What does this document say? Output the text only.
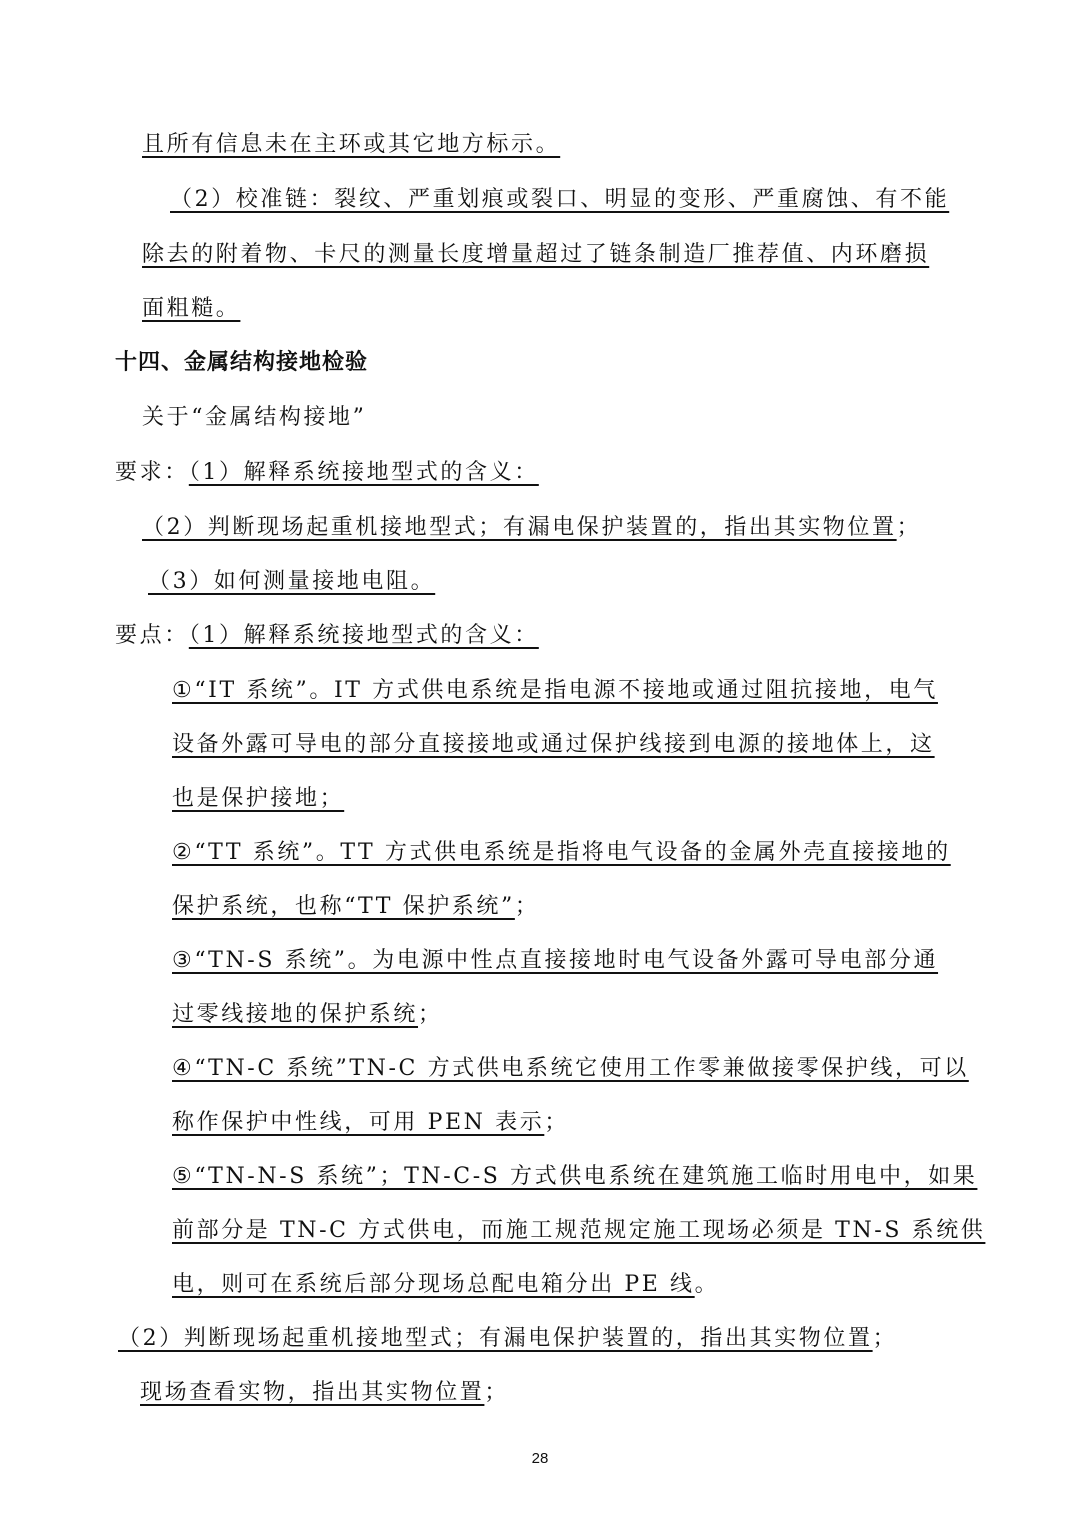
且所有信息未在主环或其它地方标示。
（2）校准链：裂纹、严重划痕或裂口、明显的变形、严重腐蚀、有不能
除去的附着物、卡尺的测量长度增量超过了链条制造厂推荐值、内环磨损
面粗糙。
十四、金属结构接地检验
关于“金属结构接地”
要求：（1）解释系统接地型式的含义：
（2）判断现场起重机接地型式；有漏电保护装置的，指出其实物位置；
（3）如何测量接地电阻。
要点：（1）解释系统接地型式的含义：
①“IT 系统”。IT 方式供电系统是指电源不接地或通过阻抗接地，电气
设备外露可导电的部分直接接地或通过保护线接到电源的接地体上，这
也是保护接地；
②“TT 系统”。TT 方式供电系统是指将电气设备的金属外壳直接接地的
保护系统，也称“TT 保护系统”；
③“TN-S 系统”。为电源中性点直接接地时电气设备外露可导电部分通
过零线接地的保护系统；
④“TN-C 系统”TN-C 方式供电系统它使用工作零兼做接零保护线，可以
称作保护中性线，可用 PEN 表示；
⑤“TN-N-S 系统”；TN-C-S 方式供电系统在建筑施工临时用电中，如果
前部分是 TN-C 方式供电，而施工规范规定施工现场必须是 TN-S 系统供
电，则可在系统后部分现场总配电箱分出 PE 线。
（2）判断现场起重机接地型式；有漏电保护装置的，指出其实物位置；
现场查看实物，指出其实物位置；
28
